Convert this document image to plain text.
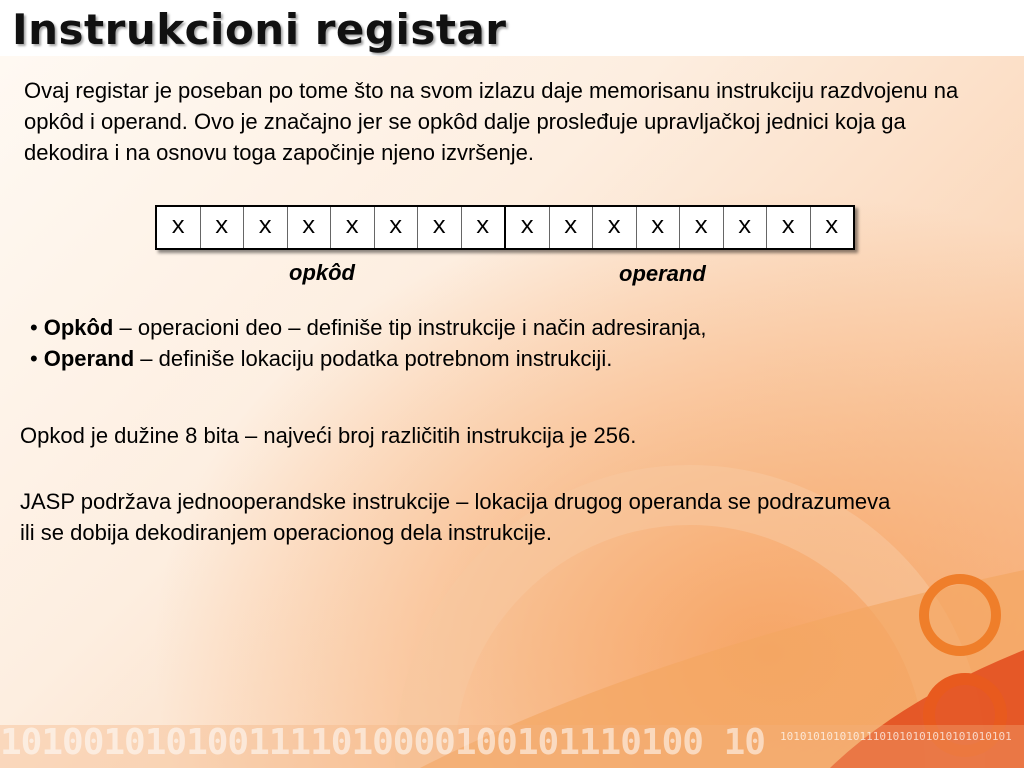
1010010101001111010000100101110100 10 10101010101011101010101010101010101
Instrukcioni registar

Ovaj registar je poseban po tome što na svom izlazu daje memorisanu instrukciju razdvojenu na opkôd i operand. Ovo je značajno jer se opkôd dalje prosleđuje upravljačkoj jednici koja ga dekodira i na osnovu toga započinje njeno izvršenje.

x	x	x	x	x	x	x	x	x	x	x	x	x	x	x	x
opkôd	operand
• Opkôd – operacioni deo – definiše tip instrukcije i način adresiranja,
• Operand – definiše lokaciju podatka potrebnom instrukciji.

Opkod je dužine 8 bita – najveći broj različitih instrukcija je 256.

JASP podržava jednooperandske instrukcije – lokacija drugog operanda se podrazumeva ili se dobija dekodiranjem operacionog dela instrukcije.
